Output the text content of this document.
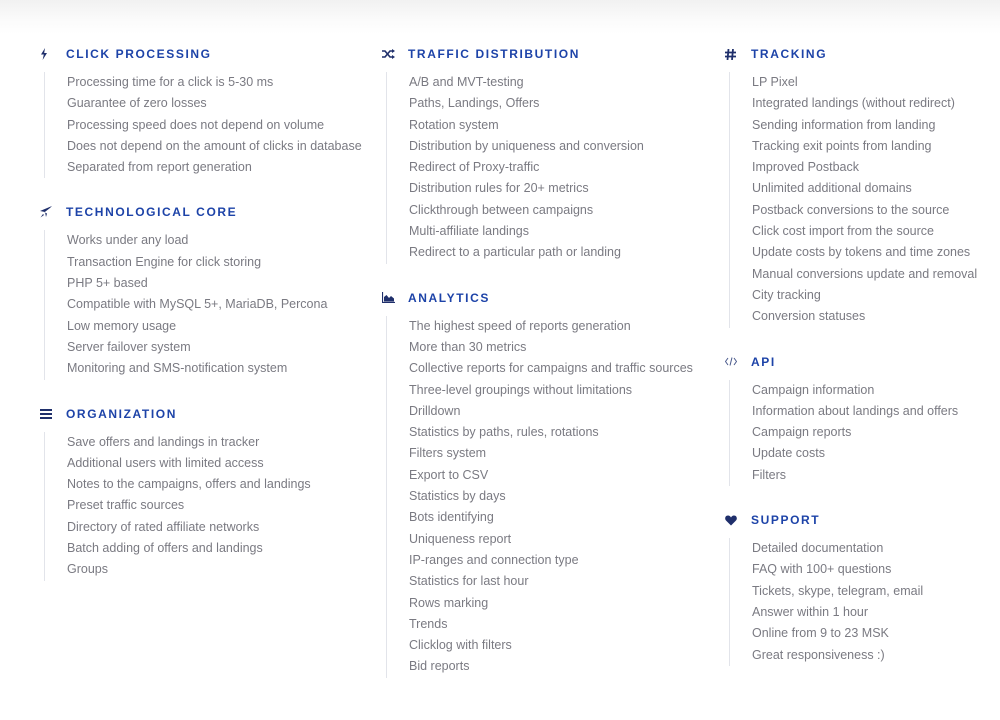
CLICK PROCESSING
Processing time for a click is 5-30 ms
Guarantee of zero losses
Processing speed does not depend on volume
Does not depend on the amount of clicks in database
Separated from report generation
TECHNOLOGICAL CORE
Works under any load
Transaction Engine for click storing
PHP 5+ based
Compatible with MySQL 5+, MariaDB, Percona
Low memory usage
Server failover system
Monitoring and SMS-notification system
ORGANIZATION
Save offers and landings in tracker
Additional users with limited access
Notes to the campaigns, offers and landings
Preset traffic sources
Directory of rated affiliate networks
Batch adding of offers and landings
Groups
TRAFFIC DISTRIBUTION
A/B and MVT-testing
Paths, Landings, Offers
Rotation system
Distribution by uniqueness and conversion
Redirect of Proxy-traffic
Distribution rules for 20+ metrics
Clickthrough between campaigns
Multi-affiliate landings
Redirect to a particular path or landing
ANALYTICS
The highest speed of reports generation
More than 30 metrics
Collective reports for campaigns and traffic sources
Three-level groupings without limitations
Drilldown
Statistics by paths, rules, rotations
Filters system
Export to CSV
Statistics by days
Bots identifying
Uniqueness report
IP-ranges and connection type
Statistics for last hour
Rows marking
Trends
Clicklog with filters
Bid reports
TRACKING
LP Pixel
Integrated landings (without redirect)
Sending information from landing
Tracking exit points from landing
Improved Postback
Unlimited additional domains
Postback conversions to the source
Click cost import from the source
Update costs by tokens and time zones
Manual conversions update and removal
City tracking
Conversion statuses
API
Campaign information
Information about landings and offers
Campaign reports
Update costs
Filters
SUPPORT
Detailed documentation
FAQ with 100+ questions
Tickets, skype, telegram, email
Answer within 1 hour
Online from 9 to 23 MSK
Great responsiveness :)
